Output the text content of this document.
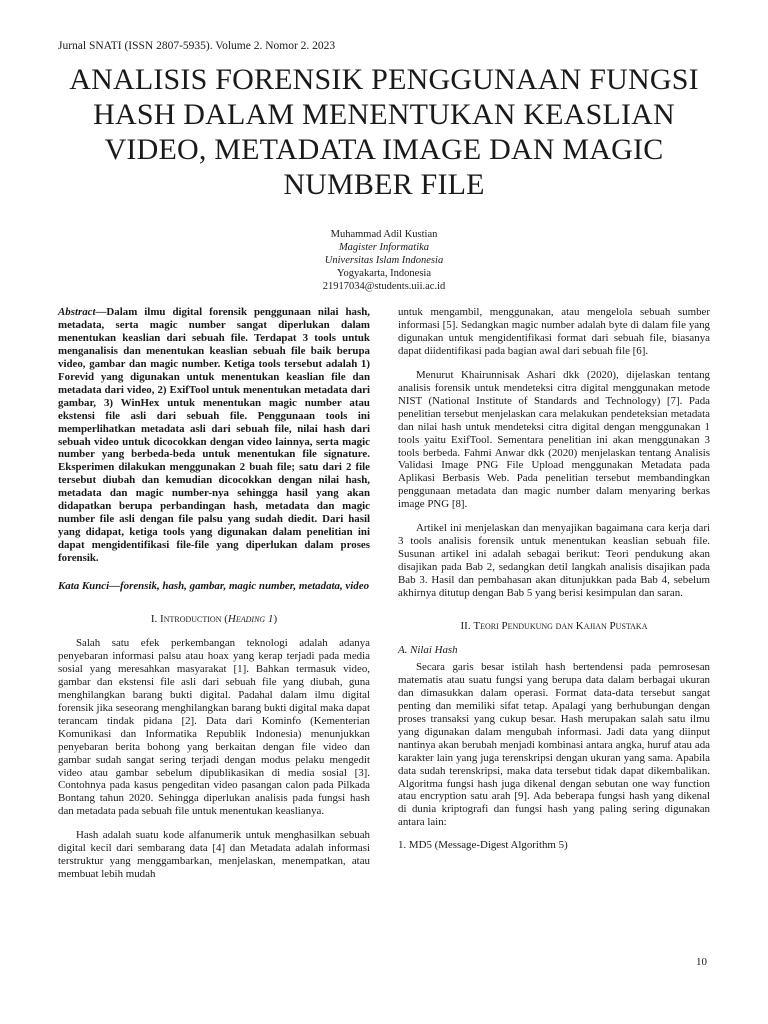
Jurnal SNATI (ISSN 2807-5935). Volume 2. Nomor 2. 2023
ANALISIS FORENSIK PENGGUNAAN FUNGSI HASH DALAM MENENTUKAN KEASLIAN VIDEO, METADATA IMAGE DAN MAGIC NUMBER FILE
Muhammad Adil Kustian
Magister Informatika
Universitas Islam Indonesia
Yogyakarta, Indonesia
21917034@students.uii.ac.id

Abstract—Dalam ilmu digital forensik penggunaan nilai hash, metadata, serta magic number sangat diperlukan dalam menentukan keaslian dari sebuah file. Terdapat 3 tools untuk menganalisis dan menentukan keaslian sebuah file baik berupa video, gambar dan magic number. Ketiga tools tersebut adalah 1) Forevid yang digunakan untuk menentukan keaslian file dan metadata dari video, 2) ExifTool untuk menentukan metadata dari gambar, 3) WinHex untuk menentukan magic number atau ekstensi file asli dari sebuah file. Penggunaan tools ini memperlihatkan metadata asli dari sebuah file, nilai hash dari sebuah video untuk dicocokkan dengan video lainnya, serta magic number yang berbeda-beda untuk menentukan file signature. Eksperimen dilakukan menggunakan 2 buah file; satu dari 2 file tersebut diubah dan kemudian dicocokkan dengan nilai hash, metadata dan magic number-nya sehingga hasil yang akan didapatkan berupa perbandingan hash, metadata dan magic number file asli dengan file palsu yang sudah diedit. Dari hasil yang didapat, ketiga tools yang digunakan dalam penelitian ini dapat mengidentifikasi file-file yang diperlukan dalam proses forensik.

Kata Kunci—forensik, hash, gambar, magic number, metadata, video

I. Introduction (Heading 1)

Salah satu efek perkembangan teknologi adalah adanya penyebaran informasi palsu atau hoax yang kerap terjadi pada media sosial yang meresahkan masyarakat [1]. Bahkan termasuk video, gambar dan ekstensi file asli dari sebuah file yang diubah, guna menghilangkan barang bukti digital. Padahal dalam ilmu digital forensik jika seseorang menghilangkan barang bukti digital maka dapat terancam tindak pidana [2]. Data dari Kominfo (Kementerian Komunikasi dan Informatika Republik Indonesia) menunjukkan penyebaran berita bohong yang berkaitan dengan file video dan gambar sudah sangat sering terjadi dengan modus pelaku mengedit video atau gambar sebelum dipublikasikan di media sosial [3]. Contohnya pada kasus pengeditan video pasangan calon pada Pilkada Bontang tahun 2020. Sehingga diperlukan analisis pada fungsi hash dan metadata pada sebuah file untuk menentukan keaslianya.

Hash adalah suatu kode alfanumerik untuk menghasilkan sebuah digital kecil dari sembarang data [4] dan Metadata adalah informasi terstruktur yang menggambarkan, menjelaskan, menempatkan, atau membuat lebih mudah

untuk mengambil, menggunakan, atau mengelola sebuah sumber informasi [5]. Sedangkan magic number adalah byte di dalam file yang digunakan untuk mengidentifikasi format dari sebuah file, biasanya dapat diidentifikasi pada bagian awal dari sebuah file [6].

Menurut Khairunnisak Ashari dkk (2020), dijelaskan tentang analisis forensik untuk mendeteksi citra digital menggunakan metode NIST (National Institute of Standards and Technology) [7]. Pada penelitian tersebut menjelaskan cara melakukan pendeteksian metadata dan nilai hash untuk mendeteksi citra digital dengan menggunakan 1 tools yaitu ExifTool. Sementara penelitian ini akan menggunakan 3 tools berbeda. Fahmi Anwar dkk (2020) menjelaskan tentang Analisis Validasi Image PNG File Upload menggunakan Metadata pada Aplikasi Berbasis Web. Pada penelitian tersebut membandingkan penggunaan metadata dan magic number dalam menyaring berkas image PNG [8].

Artikel ini menjelaskan dan menyajikan bagaimana cara kerja dari 3 tools analisis forensik untuk menentukan keaslian sebuah file. Susunan artikel ini adalah sebagai berikut: Teori pendukung akan disajikan pada Bab 2, sedangkan detil langkah analisis disajikan pada Bab 3. Hasil dan pembahasan akan ditunjukkan pada Bab 4, sebelum akhirnya ditutup dengan Bab 5 yang berisi kesimpulan dan saran.

II. Teori Pendukung dan Kajian Pustaka
A. Nilai Hash

Secara garis besar istilah hash bertendensi pada pemrosesan matematis atau suatu fungsi yang berupa data dalam berbagai ukuran dan dimasukkan dalam operasi. Format data-data tersebut sangat penting dan memiliki sifat tetap. Apalagi yang berhubungan dengan proses transaksi yang cukup besar. Hash merupakan salah satu ilmu yang digunakan dalam mengubah informasi. Jadi data yang diinput nantinya akan berubah menjadi kombinasi antara angka, huruf atau ada karakter lain yang juga terenskripsi dengan ukuran yang sama. Apabila data sudah terenskripsi, maka data tersebut tidak dapat dikembalikan. Algoritma fungsi hash juga dikenal dengan sebutan one way function atau encryption satu arah [9]. Ada beberapa fungsi hash yang dikenal di dunia kriptografi dan fungsi hash yang paling sering digunakan antara lain:

1. MD5 (Message-Digest Algorithm 5)

10
